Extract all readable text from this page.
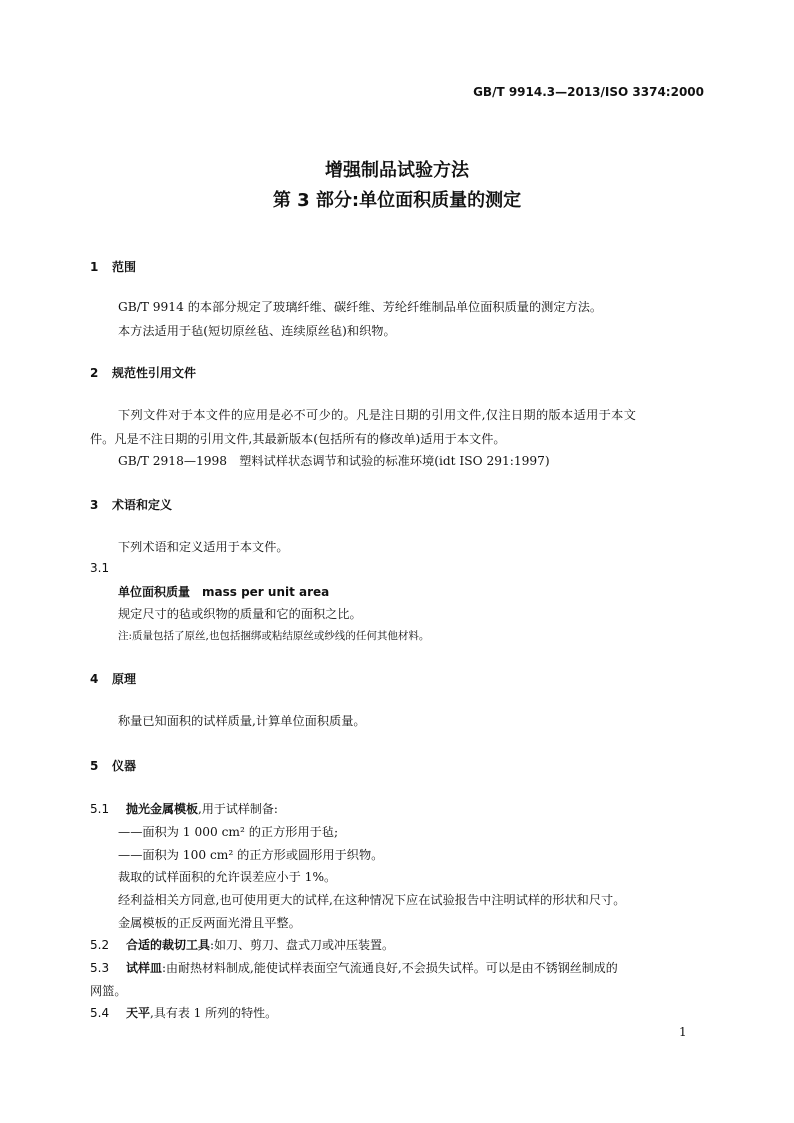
GB/T 9914.3—2013/ISO 3374:2000
增强制品试验方法
第 3 部分:单位面积质量的测定
1 范围
GB/T 9914 的本部分规定了玻璃纤维、碳纤维、芳纶纤维制品单位面积质量的测定方法。
本方法适用于毡(短切原丝毡、连续原丝毡)和织物。
2 规范性引用文件
下列文件对于本文件的应用是必不可少的。凡是注日期的引用文件,仅注日期的版本适用于本文
件。凡是不注日期的引用文件,其最新版本(包括所有的修改单)适用于本文件。
GB/T 2918—1998　塑料试样状态调节和试验的标准环境(idt ISO 291:1997)
3 术语和定义
下列术语和定义适用于本文件。
3.1
单位面积质量 mass per unit area
规定尺寸的毡或织物的质量和它的面积之比。
注:质量包括了原丝,也包括捆绑或粘结原丝或纱线的任何其他材料。
4 原理
称量已知面积的试样质量,计算单位面积质量。
5 仪器
5.1 抛光金属模板,用于试样制备:
——面积为 1 000 cm² 的正方形用于毡;
——面积为 100 cm² 的正方形或圆形用于织物。
裁取的试样面积的允许误差应小于 1%。
经利益相关方同意,也可使用更大的试样,在这种情况下应在试验报告中注明试样的形状和尺寸。
金属模板的正反两面光滑且平整。
5.2 合适的裁切工具:如刀、剪刀、盘式刀或冲压装置。
5.3 试样皿:由耐热材料制成,能使试样表面空气流通良好,不会损失试样。可以是由不锈钢丝制成的
网篮。
5.4 天平,具有表 1 所列的特性。
1
